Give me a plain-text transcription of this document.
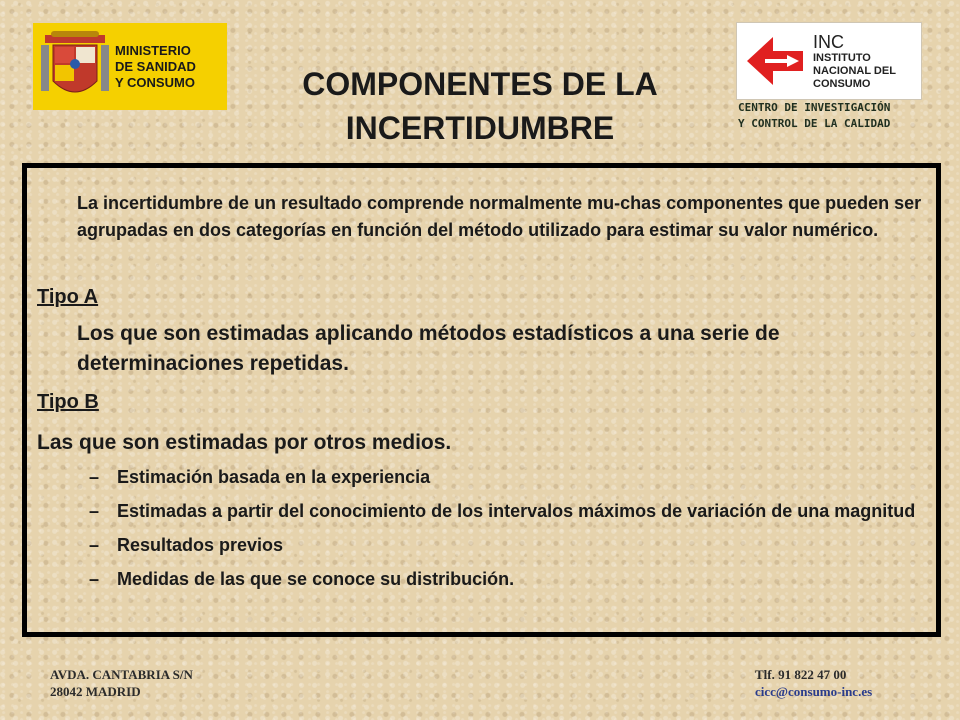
MINISTERIO
DE SANIDAD
Y CONSUMO
INC
INSTITUTO
NACIONAL DEL
CONSUMO
CENTRO DE INVESTIGACIÓN
Y CONTROL DE LA CALIDAD
COMPONENTES DE LA INCERTIDUMBRE
La incertidumbre de un resultado comprende normalmente mu-chas componentes que pueden ser agrupadas en dos categorías en función del método utilizado para estimar su valor numérico.
Tipo A
Los que son estimadas aplicando métodos estadísticos a una serie de determinaciones repetidas.
Tipo B
Las que son estimadas por otros medios.
– Estimación basada en la experiencia
– Estimadas a partir del conocimiento de los intervalos máximos de variación de una magnitud
– Resultados previos
– Medidas de las que se conoce su distribución.
AVDA. CANTABRIA S/N
28042 MADRID
Tlf. 91 822 47 00
cicc@consumo-inc.es
